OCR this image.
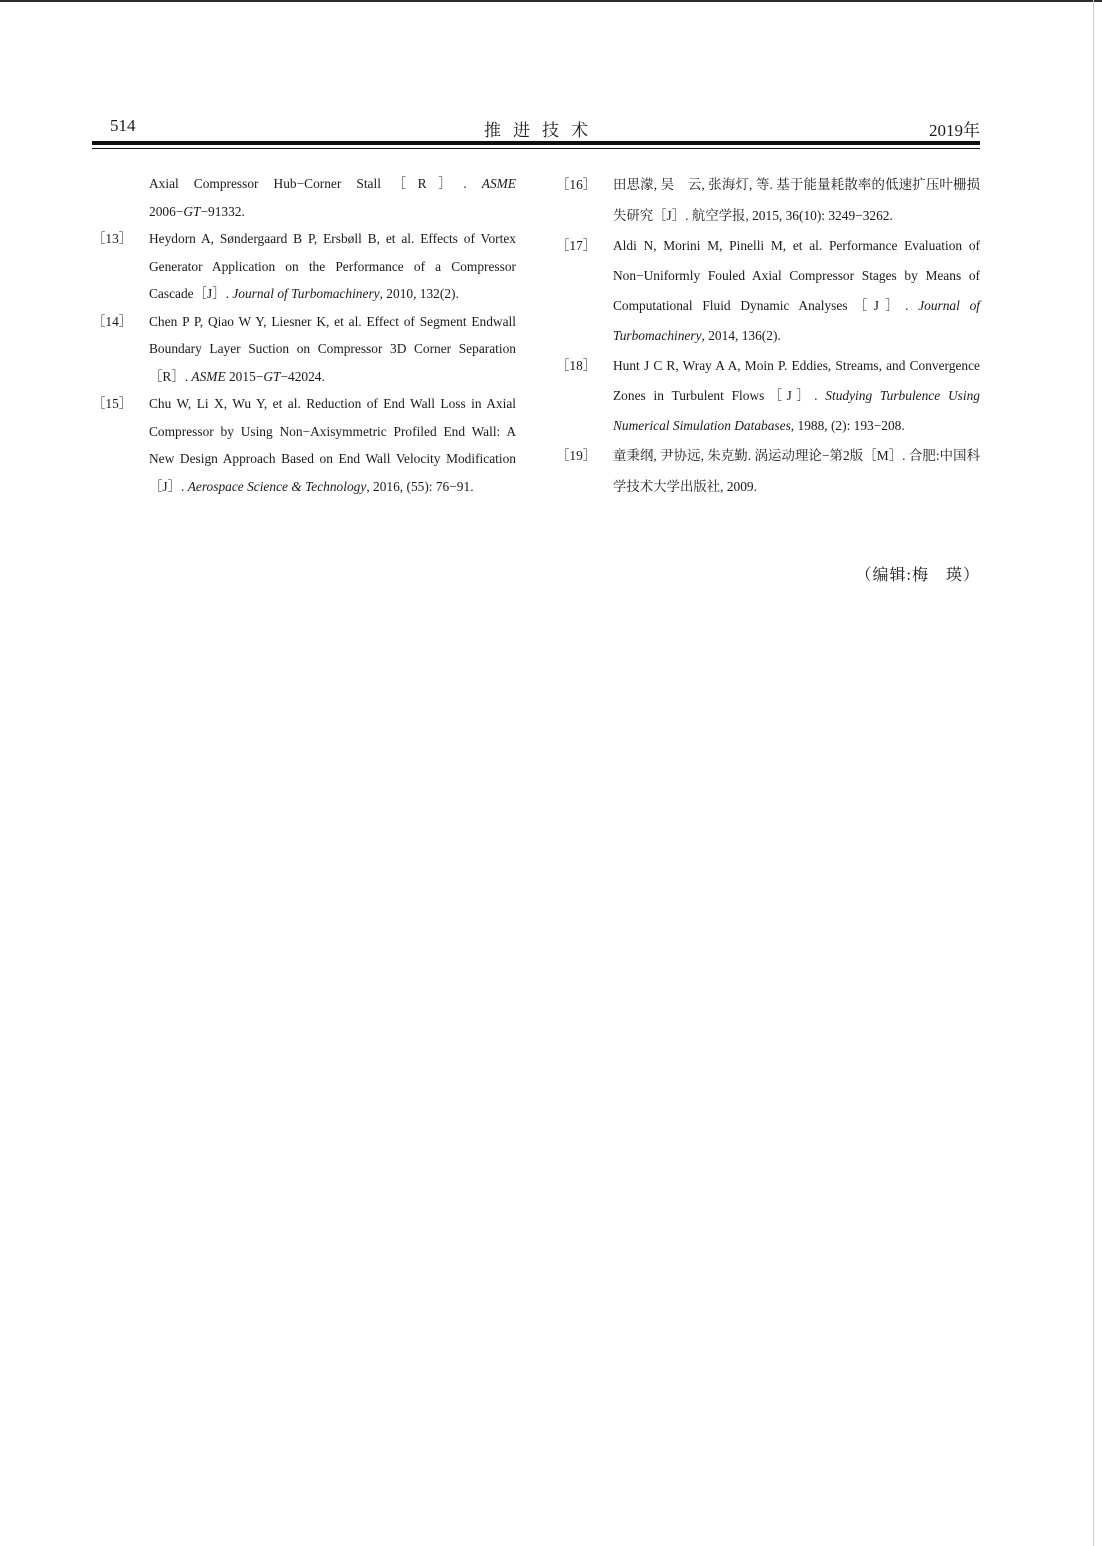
514	推进技术	2019年

Axial Compressor Hub−Corner Stall［R］. ASME 2006−GT−91332.

［13］ Heydorn A, Søndergaard B P, Ersbøll B, et al. Effects of Vortex Generator Application on the Performance of a Compressor Cascade［J］. Journal of Turbomachinery, 2010, 132(2).

［14］ Chen P P, Qiao W Y, Liesner K, et al. Effect of Segment Endwall Boundary Layer Suction on Compressor 3D Corner Separation［R］. ASME 2015−GT−42024.

［15］ Chu W, Li X, Wu Y, et al. Reduction of End Wall Loss in Axial Compressor by Using Non−Axisymmetric Profiled End Wall: A New Design Approach Based on End Wall Velocity Modification［J］. Aerospace Science & Technology, 2016, (55): 76−91.

［16］ 田思濛, 吴　云, 张海灯, 等. 基于能量耗散率的低速扩压叶栅损失研究［J］. 航空学报, 2015, 36(10): 3249−3262.

［17］ Aldi N, Morini M, Pinelli M, et al. Performance Evaluation of Non−Uniformly Fouled Axial Compressor Stages by Means of Computational Fluid Dynamic Analyses［J］. Journal of Turbomachinery, 2014, 136(2).

［18］ Hunt J C R, Wray A A, Moin P. Eddies, Streams, and Convergence Zones in Turbulent Flows［J］. Studying Turbulence Using Numerical Simulation Databases, 1988, (2): 193−208.

［19］ 童秉纲, 尹协远, 朱克勤. 涡运动理论−第2版［M］. 合肥:中国科学技术大学出版社, 2009.

（编辑:梅　瑛）
